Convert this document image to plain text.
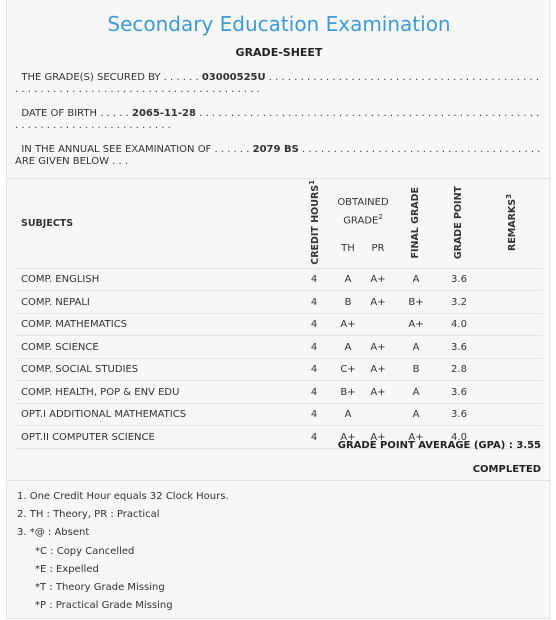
Secondary Education Examination
GRADE-SHEET
THE GRADE(S) SECURED BY . . . . . . 03000525U . . . . . . . . . . . . . . . . . . . . . . . . . . . . . . . . . . . . . . . . . . . . . . . . . . . . . . . . . . . . . . . . . . . . . . . . . . . . . . . . . .
DATE OF BIRTH . . . . . 2065-11-28 . . . . . . . . . . . . . . . . . . . . . . . . . . . . . . . . . . . . . . . . . . . . . . . . . . . . . . . . . . . . . . . . . . . . . . . . . . . . . . .
IN THE ANNUAL SEE EXAMINATION OF . . . . . . 2079 BS . . . . . . . . . . . . . . . . . . . . . . . . . . . . . . . . . . . . . . ARE GIVEN BELOW . . .
SUBJECTS	CREDIT HOURS$^1$	OBTAINED GRADE$^2$		FINAL GRADE	GRADE POINT	REMARKS$^3$
		TH	PR			
COMP. ENGLISH	4	A	A+	A	3.6	
COMP. NEPALI	4	B	A+	B+	3.2	
COMP. MATHEMATICS	4	A+		A+	4.0	
COMP. SCIENCE	4	A	A+	A	3.6	
COMP. SOCIAL STUDIES	4	C+	A+	B	2.8	
COMP. HEALTH, POP & ENV EDU	4	B+	A+	A	3.6	
OPT.I ADDITIONAL MATHEMATICS	4	A		A	3.6	
OPT.II COMPUTER SCIENCE	4	A+	A+	A+	4.0	
GRADE POINT AVERAGE (GPA) : 3.55
COMPLETED
1. One Credit Hour equals 32 Clock Hours.
2. TH : Theory, PR : Practical
3. *@ : Absent
*C : Copy Cancelled
*E : Expelled
*T : Theory Grade Missing
*P : Practical Grade Missing
